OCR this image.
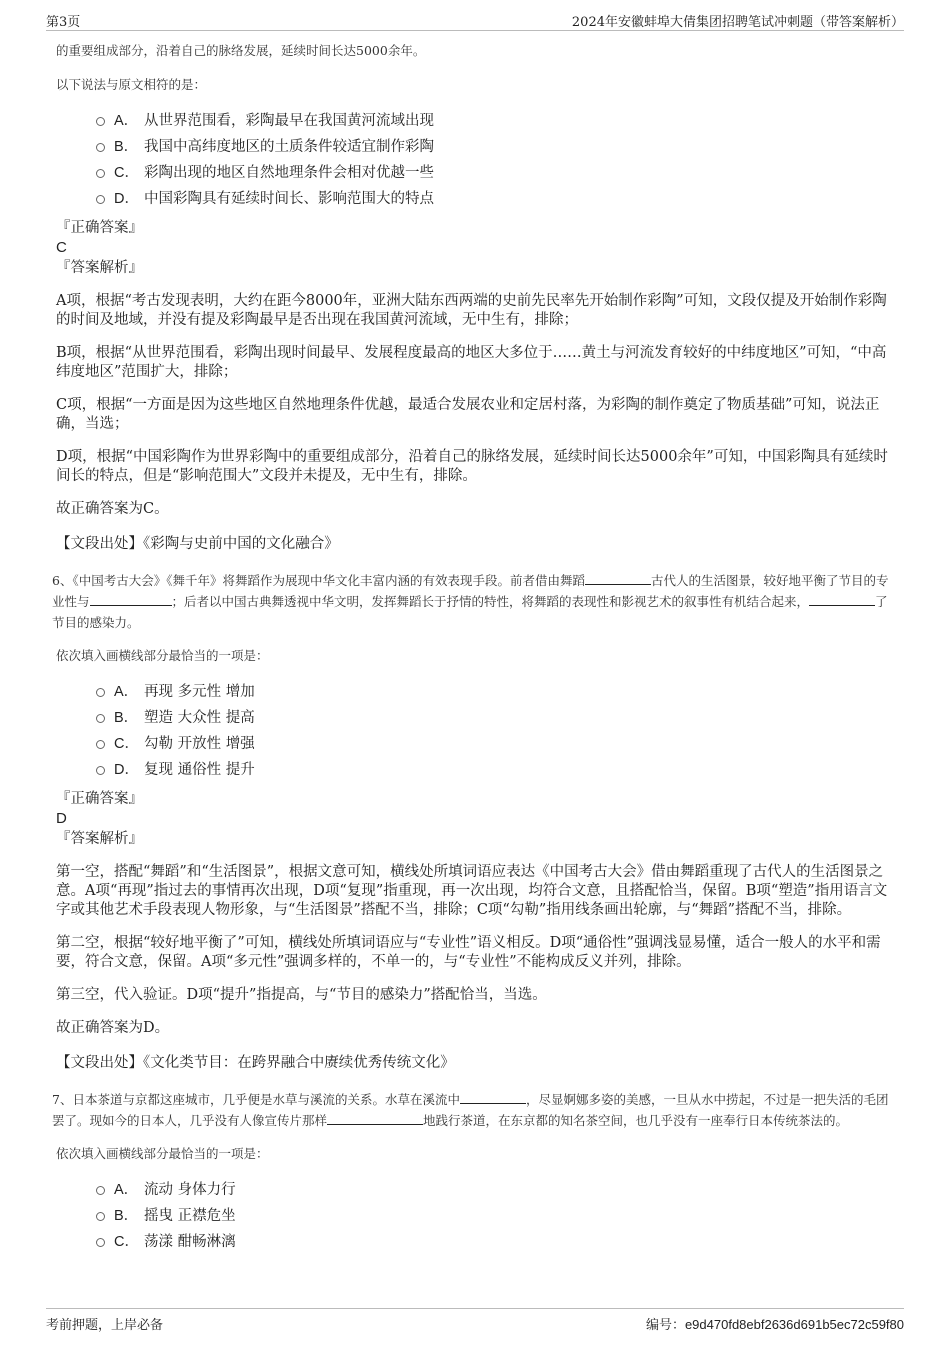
第3页	2024年安徽蚌埠大倩集团招聘笔试冲刺题（带答案解析）
的重要组成部分，沿着自己的脉络发展，延续时间长达5000余年。
以下说法与原文相符的是：
A． 从世界范围看，彩陶最早在我国黄河流域出现
B． 我国中高纬度地区的土质条件较适宜制作彩陶
C． 彩陶出现的地区自然地理条件会相对优越一些
D． 中国彩陶具有延续时间长、影响范围大的特点
『正确答案』
C
『答案解析』

A项，根据“考古发现表明，大约在距今8000年，亚洲大陆东西两端的史前先民率先开始制作彩陶”可知，文段仅提及开始制作彩陶的时间及地域，并没有提及彩陶最早是否出现在我国黄河流域，无中生有，排除；

B项，根据“从世界范围看，彩陶出现时间最早、发展程度最高的地区大多位于……黄土与河流发育较好的中纬度地区”可知，“中高纬度地区”范围扩大，排除；

C项，根据“一方面是因为这些地区自然地理条件优越，最适合发展农业和定居村落，为彩陶的制作奠定了物质基础”可知，说法正确，当选；

D项，根据“中国彩陶作为世界彩陶中的重要组成部分，沿着自己的脉络发展，延续时间长达5000余年”可知，中国彩陶具有延续时间长的特点，但是“影响范围大”文段并未提及，无中生有，排除。

故正确答案为C。

【文段出处】《彩陶与史前中国的文化融合》

6、《中国考古大会》《舞千年》将舞蹈作为展现中华文化丰富内涵的有效表现手段。前者借由舞蹈	古代人的生活图景，较好地平衡了节目的专业性与	；后者以中国古典舞透视中华文明，发挥舞蹈长于抒情的特性，将舞蹈的表现性和影视艺术的叙事性有机结合起来，	了节目的感染力。
依次填入画横线部分最恰当的一项是：
A． 再现 多元性 增加
B． 塑造 大众性 提高
C． 勾勒 开放性 增强
D． 复现 通俗性 提升
『正确答案』
D
『答案解析』

第一空，搭配“舞蹈”和“生活图景”，根据文意可知，横线处所填词语应表达《中国考古大会》借由舞蹈重现了古代人的生活图景之意。A项“再现”指过去的事情再次出现，D项“复现”指重现，再一次出现，均符合文意，且搭配恰当，保留。B项“塑造”指用语言文字或其他艺术手段表现人物形象，与“生活图景”搭配不当，排除；C项“勾勒”指用线条画出轮廓，与“舞蹈”搭配不当，排除。

第二空，根据“较好地平衡了”可知，横线处所填词语应与“专业性”语义相反。D项“通俗性”强调浅显易懂，适合一般人的水平和需要，符合文意，保留。A项“多元性”强调多样的，不单一的，与“专业性”不能构成反义并列，排除。

第三空，代入验证。D项“提升”指提高，与“节目的感染力”搭配恰当，当选。

故正确答案为D。

【文段出处】《文化类节目：在跨界融合中赓续优秀传统文化》

7、日本茶道与京都这座城市，几乎便是水草与溪流的关系。水草在溪流中	，尽显婀娜多姿的美感，一旦从水中捞起，不过是一把失活的毛团罢了。现如今的日本人，几乎没有人像宣传片那样	地践行茶道，在东京都的知名茶空间，也几乎没有一座奉行日本传统茶法的。
依次填入画横线部分最恰当的一项是：
A． 流动 身体力行
B． 摇曳 正襟危坐
C． 荡漾 酣畅淋漓
考前押题，上岸必备	编号：e9d470fd8ebf2636d691b5ec72c59f80
